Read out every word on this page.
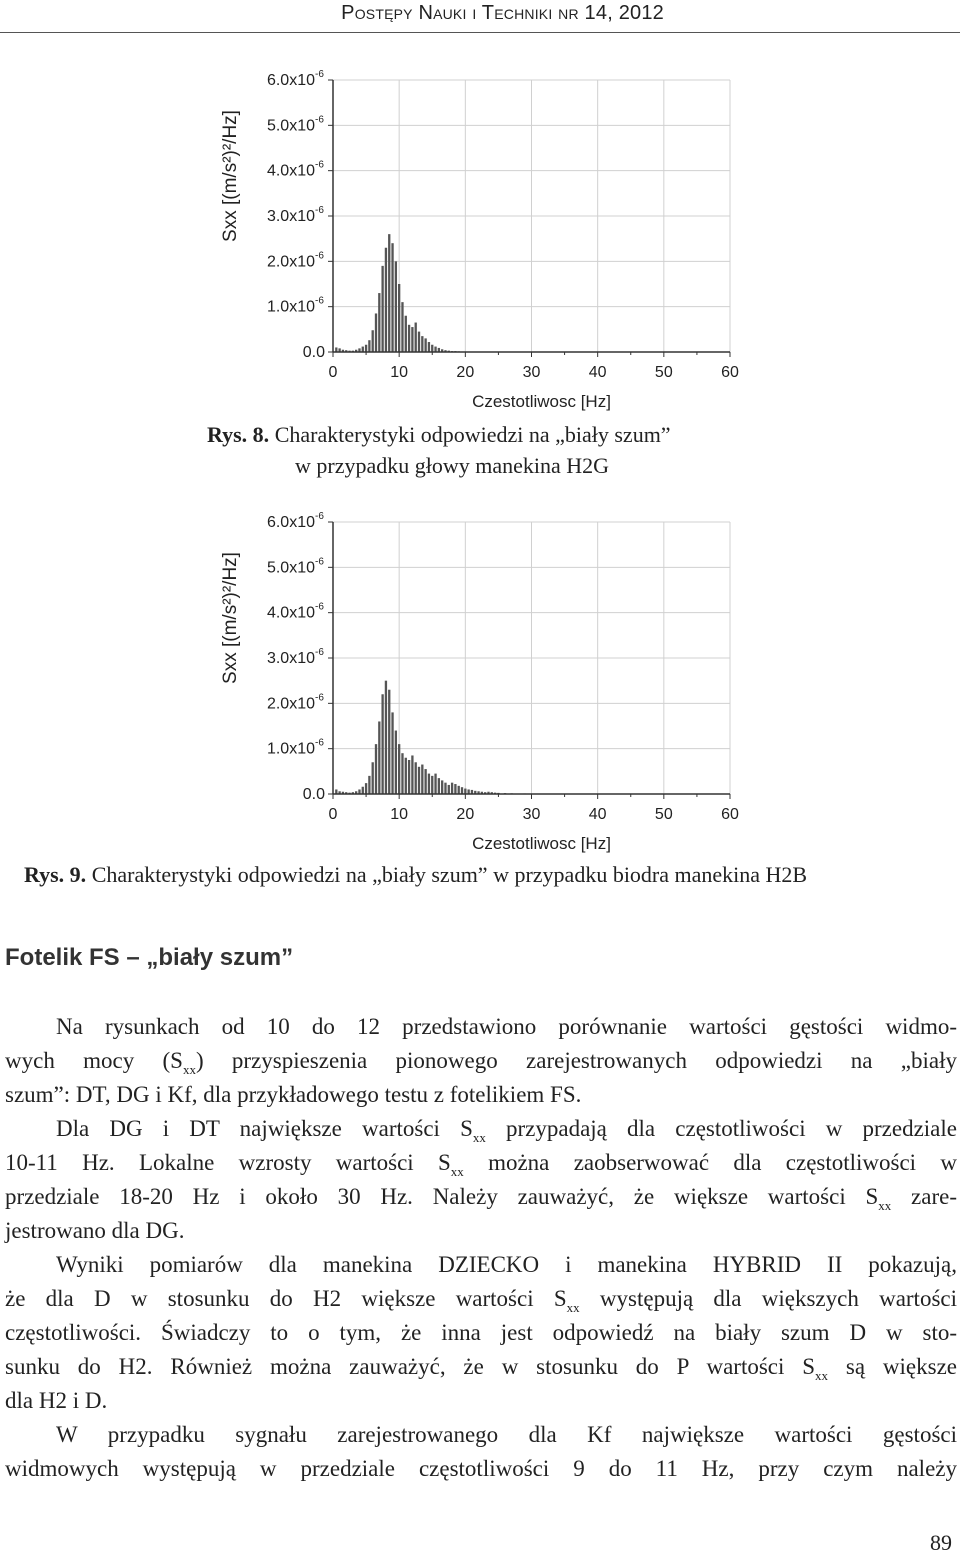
Postępy Nauki i Techniki nr 14, 2012
0	10	20	30	40	50	60
0.0
1.0x10 -6
2.0x10 -6
3.0x10 -6
4.0x10 -6
5.0x10 -6
6.0x10 -6
Czestotliwosc [Hz]
Sxx [(m/s²)²/Hz]
Rys. 8. Charakterystyki odpowiedzi na „biały szum”
w przypadku głowy manekina H2G
0	10	20	30	40	50	60
0.0
1.0x10 -6
2.0x10 -6
3.0x10 -6
4.0x10 -6
5.0x10 -6
6.0x10 -6
Czestotliwosc [Hz]
Sxx [(m/s²)²/Hz]
Rys. 9. Charakterystyki odpowiedzi na „biały szum” w przypadku biodra manekina H2B
Fotelik FS – „biały szum”
Na rysunkach od 10 do 12 przedstawiono porównanie wartości gęstości widmo-
wych mocy $(S_{xx})$ przyspieszenia pionowego zarejestrowanych odpowiedzi na „biały
szum”: DT, DG i Kf, dla przykładowego testu z fotelikiem FS.
Dla DG i DT największe wartości $S_{xx}$ przypadają dla częstotliwości w przedziale
10-11 Hz. Lokalne wzrosty wartości $S_{xx}$ można zaobserwować dla częstotliwości w
przedziale 18-20 Hz i około 30 Hz. Należy zauważyć, że większe wartości $S_{xx}$ zare-
jestrowano dla DG.
Wyniki pomiarów dla manekina DZIECKO i manekina HYBRID II pokazują,
że dla D w stosunku do H2 większe wartości $S_{xx}$ występują dla większych wartości
częstotliwości. Świadczy to o tym, że inna jest odpowiedź na biały szum D w sto-
sunku do H2. Również można zauważyć, że w stosunku do P wartości $S_{xx}$ są większe
dla H2 i D.
W przypadku sygnału zarejestrowanego dla Kf największe wartości gęstości
widmowych występują w przedziale częstotliwości 9 do 11 Hz, przy czym należy
89
